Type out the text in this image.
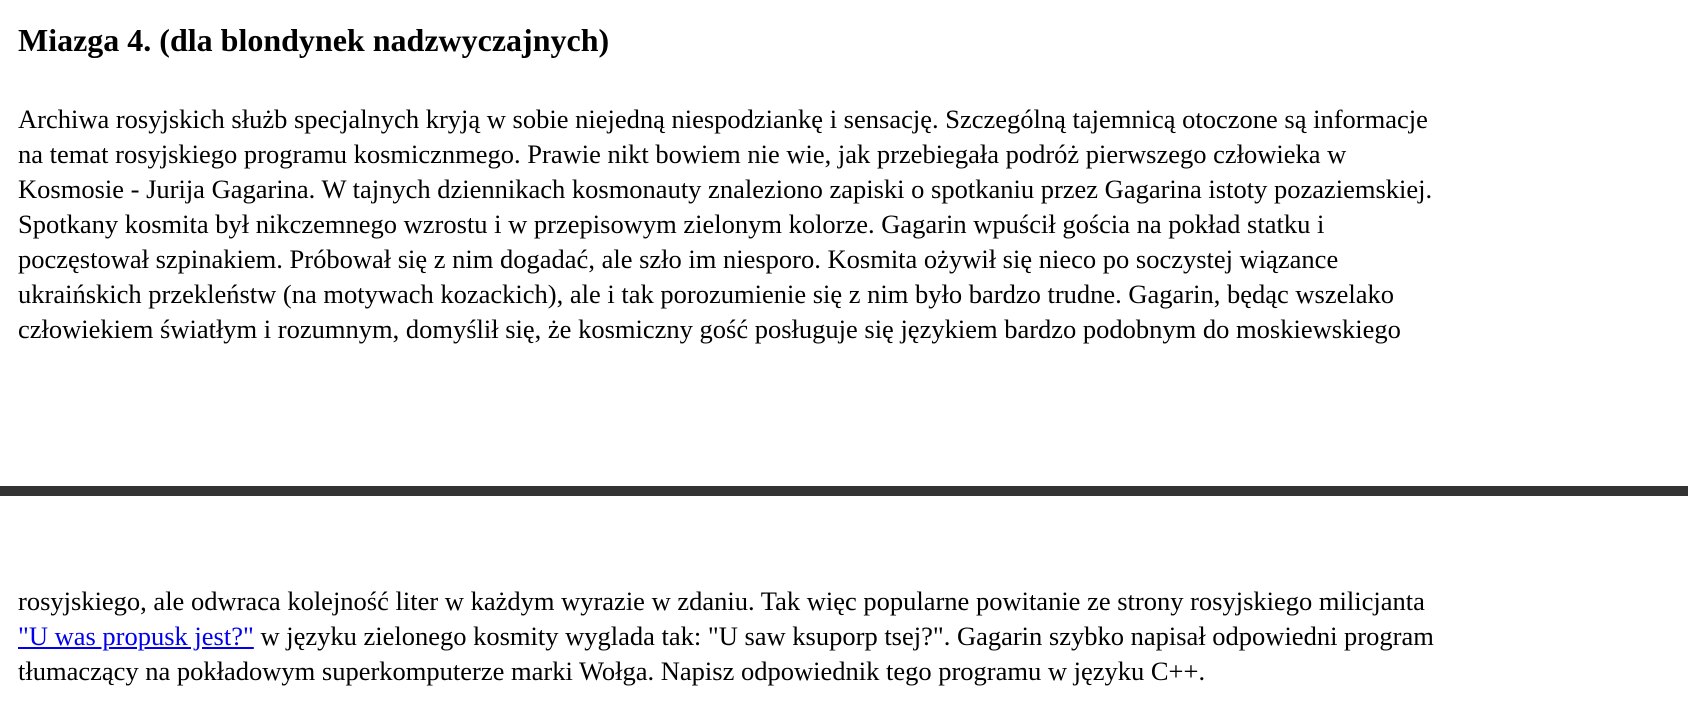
Miazga 4. (dla blondynek nadzwyczajnych)

Archiwa rosyjskich służb specjalnych kryją w sobie niejedną niespodziankę i sensację. Szczególną tajemnicą otoczone są informacje
na temat rosyjskiego programu kosmicznmego. Prawie nikt bowiem nie wie, jak przebiegała podróż pierwszego człowieka w
Kosmosie - Jurija Gagarina. W tajnych dziennikach kosmonauty znaleziono zapiski o spotkaniu przez Gagarina istoty pozaziemskiej.
Spotkany kosmita był nikczemnego wzrostu i w przepisowym zielonym kolorze. Gagarin wpuścił gościa na pokład statku i
poczęstował szpinakiem. Próbował się z nim dogadać, ale szło im niesporo. Kosmita ożywił się nieco po soczystej wiązance
ukraińskich przekleństw (na motywach kozackich), ale i tak porozumienie się z nim było bardzo trudne. Gagarin, będąc wszelako
człowiekiem światłym i rozumnym, domyślił się, że kosmiczny gość posługuje się językiem bardzo podobnym do moskiewskiego

rosyjskiego, ale odwraca kolejność liter w każdym wyrazie w zdaniu. Tak więc popularne powitanie ze strony rosyjskiego milicjanta
"U was propusk jest?" w języku zielonego kosmity wyglada tak: "U saw ksuporp tsej?". Gagarin szybko napisał odpowiedni program
tłumaczący na pokładowym superkomputerze marki Wołga. Napisz odpowiednik tego programu w języku C++.
